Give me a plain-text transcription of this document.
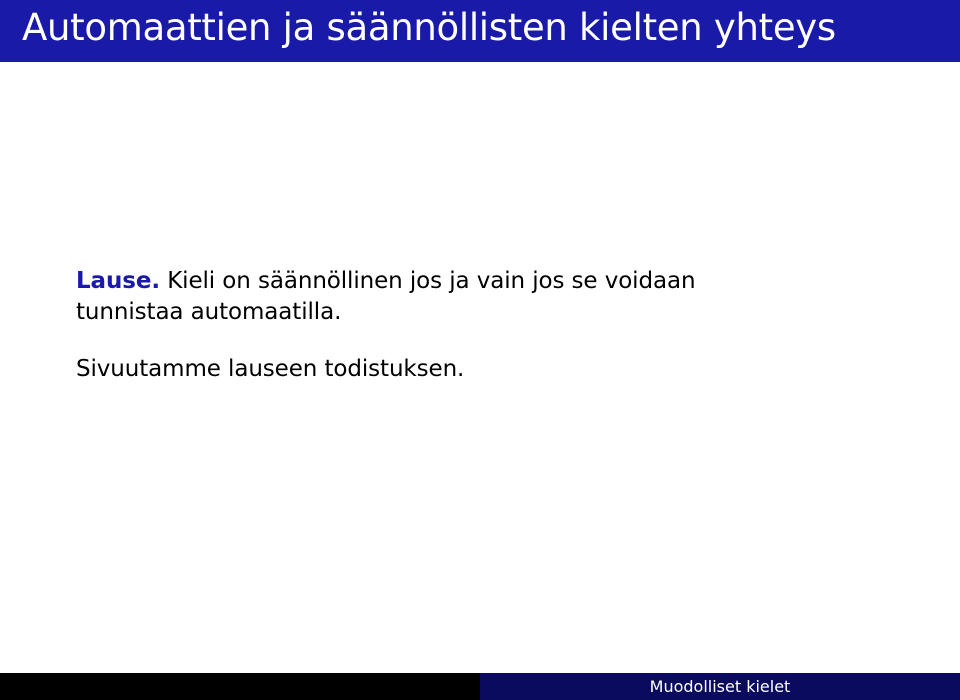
Automaattien ja säännöllisten kielten yhteys

Lause. Kieli on säännöllinen jos ja vain jos se voidaan
tunnistaa automaatilla.

Sivuutamme lauseen todistuksen.

Muodolliset kielet
